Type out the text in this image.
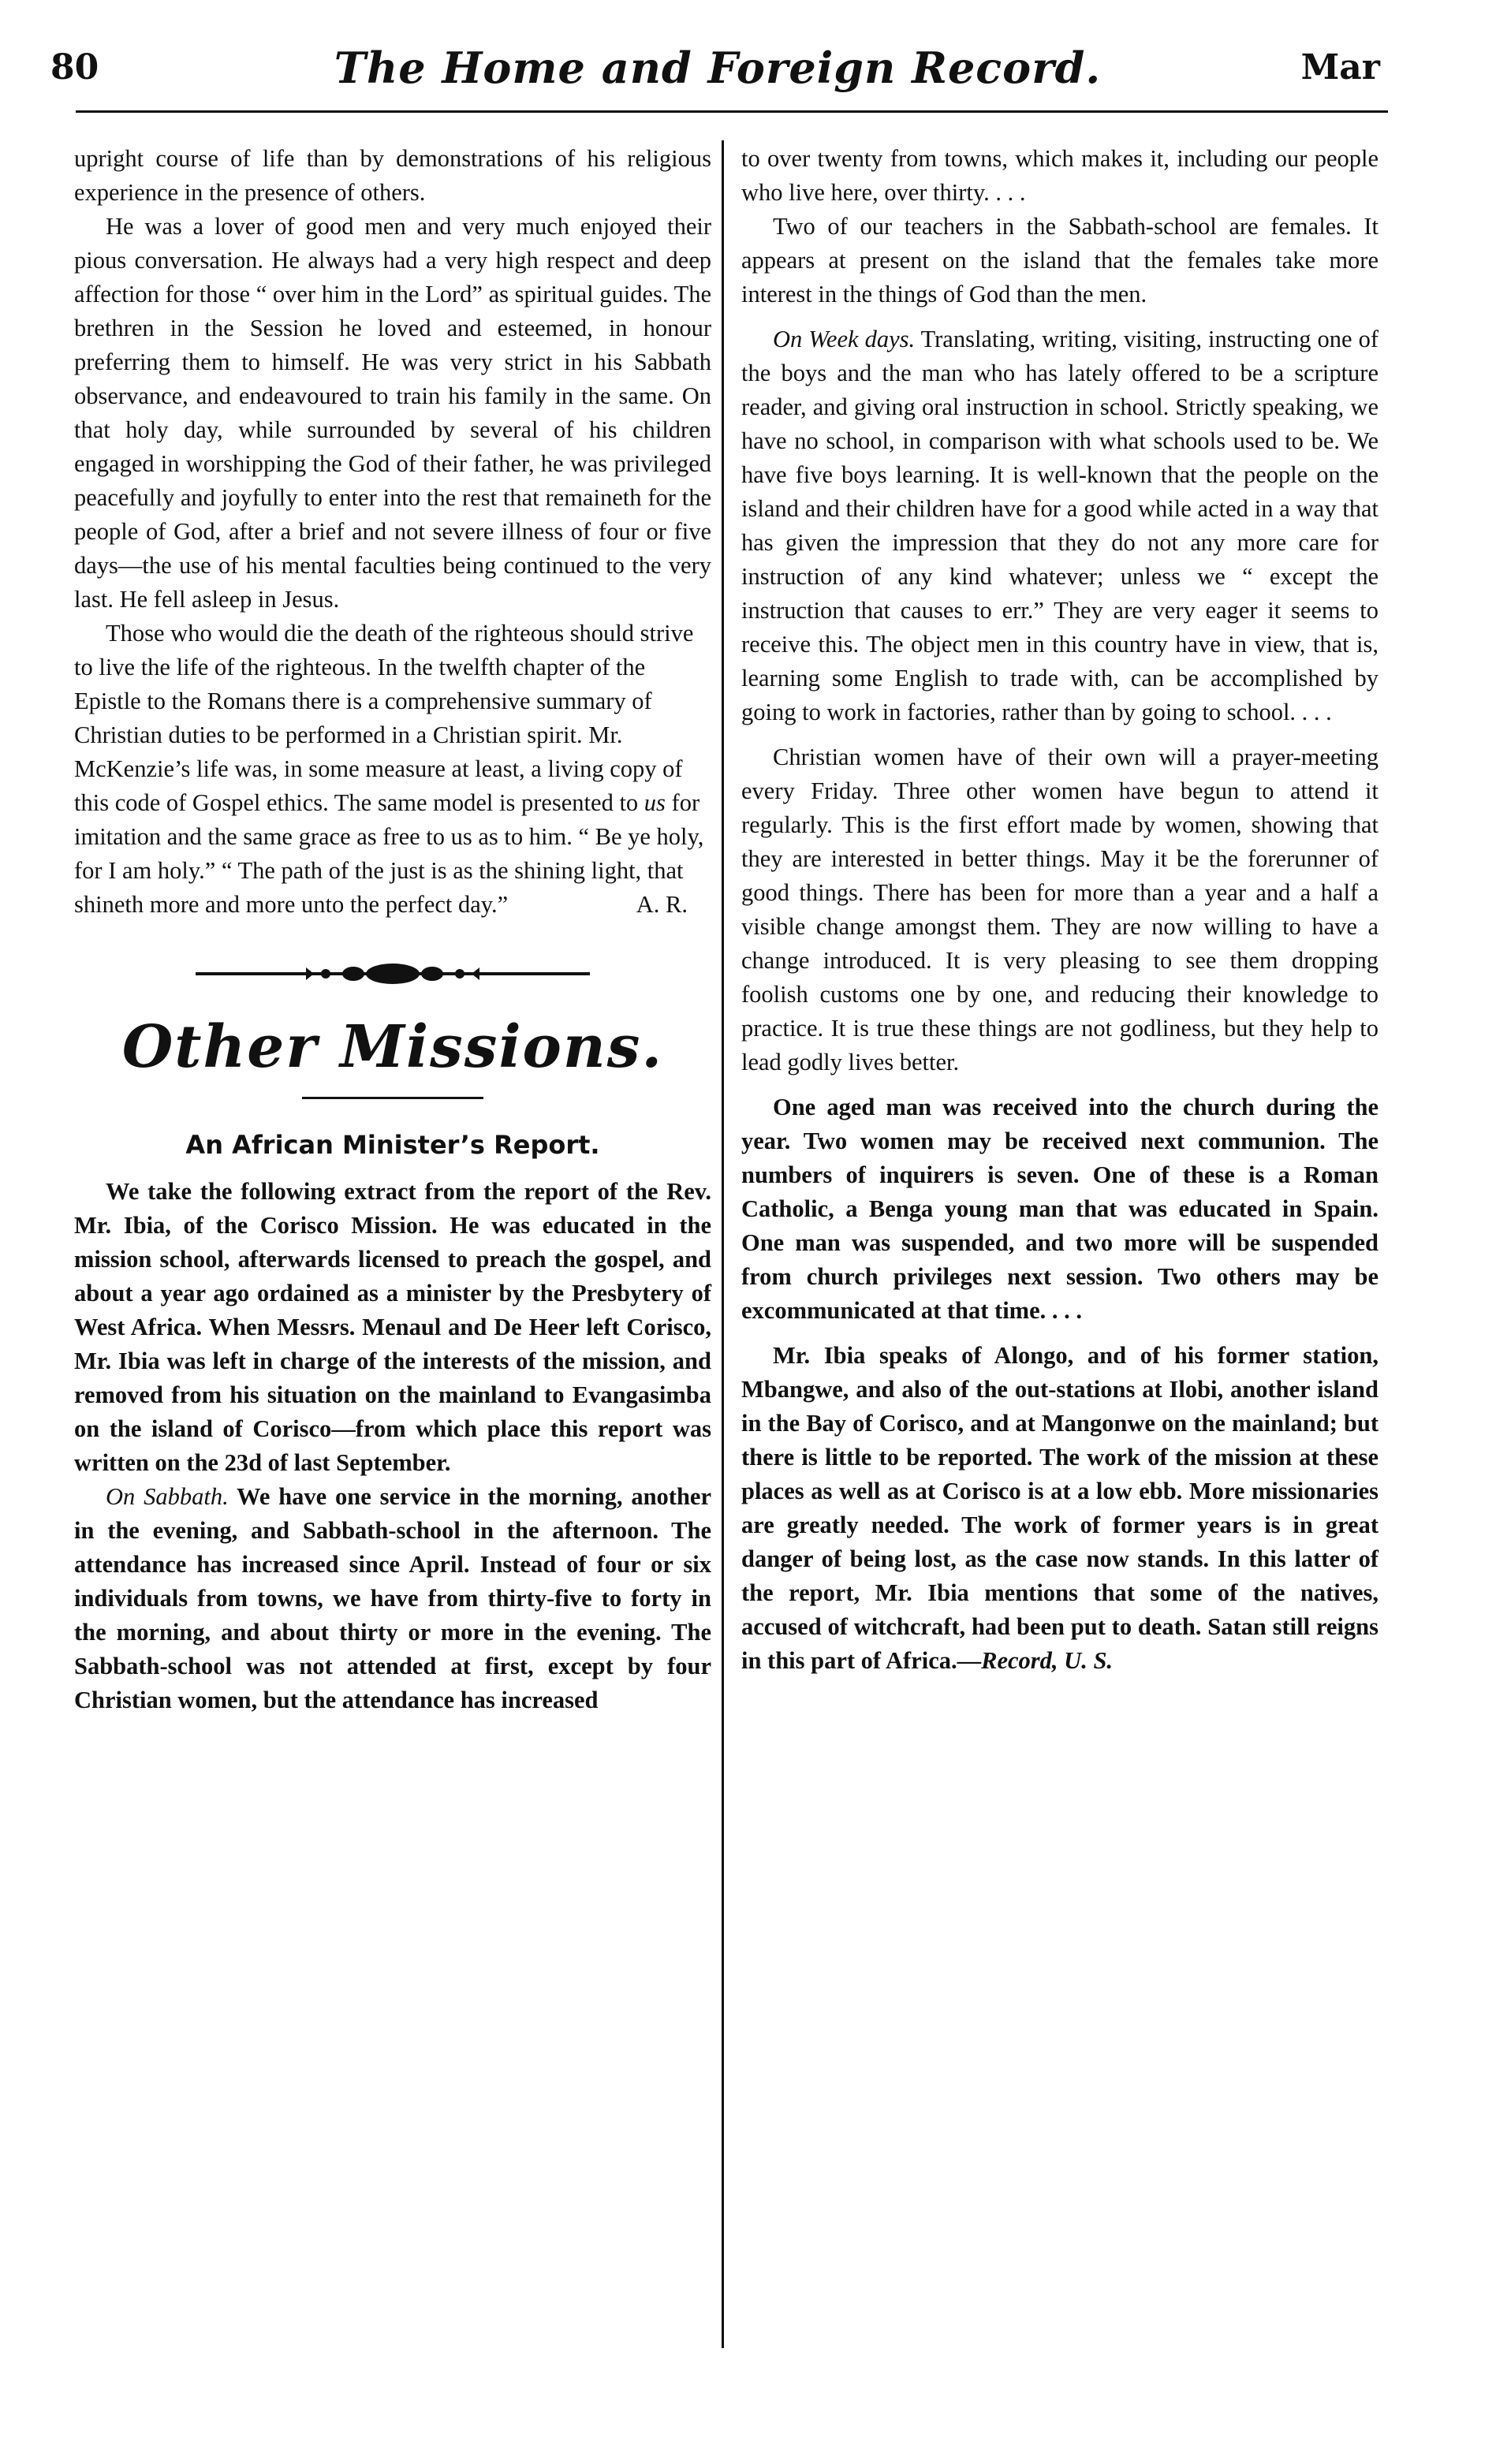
80	The Home and Foreign Record.	Mar

upright course of life than by demonstrations of his religious experience in the presence of others.

He was a lover of good men and very much enjoyed their pious conversation. He always had a very high respect and deep affection for those “ over him in the Lord” as spiritual guides. The brethren in the Session he loved and esteemed, in honour preferring them to himself. He was very strict in his Sabbath observance, and endeavoured to train his family in the same. On that holy day, while surrounded by several of his children engaged in worshipping the God of their father, he was privileged peacefully and joyfully to enter into the rest that remaineth for the people of God, after a brief and not severe illness of four or five days—the use of his mental faculties being continued to the very last. He fell asleep in Jesus.

Those who would die the death of the righteous should strive to live the life of the righteous. In the twelfth chapter of the Epistle to the Romans there is a comprehensive summary of Christian duties to be performed in a Christian spirit. Mr. McKenzie’s life was, in some measure at least, a living copy of this code of Gospel ethics. The same model is presented to us for imitation and the same grace as free to us as to him. “ Be ye holy, for I am holy.” “ The path of the just is as the shining light, that shineth more and more unto the perfect day.”	A. R.

Other Missions.
An African Minister’s Report.

We take the following extract from the report of the Rev. Mr. Ibia, of the Corisco Mission. He was educated in the mission school, afterwards licensed to preach the gospel, and about a year ago ordained as a minister by the Presbytery of West Africa. When Messrs. Menaul and De Heer left Corisco, Mr. Ibia was left in charge of the interests of the mission, and removed from his situation on the mainland to Evangasimba on the island of Corisco—from which place this report was written on the 23d of last September.

On Sabbath. We have one service in the morning, another in the evening, and Sabbath-school in the afternoon. The attendance has increased since April. Instead of four or six individuals from towns, we have from thirty-five to forty in the morning, and about thirty or more in the evening. The Sabbath-school was not attended at first, except by four Christian women, but the attendance has increased

to over twenty from towns, which makes it, including our people who live here, over thirty. . . .

Two of our teachers in the Sabbath-school are females. It appears at present on the island that the females take more interest in the things of God than the men.

On Week days. Translating, writing, visiting, instructing one of the boys and the man who has lately offered to be a scripture reader, and giving oral instruction in school. Strictly speaking, we have no school, in comparison with what schools used to be. We have five boys learning. It is well-known that the people on the island and their children have for a good while acted in a way that has given the impression that they do not any more care for instruction of any kind whatever; unless we “ except the instruction that causes to err.” They are very eager it seems to receive this. The object men in this country have in view, that is, learning some English to trade with, can be accomplished by going to work in factories, rather than by going to school. . . .

Christian women have of their own will a prayer-meeting every Friday. Three other women have begun to attend it regularly. This is the first effort made by women, showing that they are interested in better things. May it be the forerunner of good things. There has been for more than a year and a half a visible change amongst them. They are now willing to have a change introduced. It is very pleasing to see them dropping foolish customs one by one, and reducing their knowledge to practice. It is true these things are not godliness, but they help to lead godly lives better.

One aged man was received into the church during the year. Two women may be received next communion. The numbers of inquirers is seven. One of these is a Roman Catholic, a Benga young man that was educated in Spain. One man was suspended, and two more will be suspended from church privileges next session. Two others may be excommunicated at that time. . . .

Mr. Ibia speaks of Alongo, and of his former station, Mbangwe, and also of the out-stations at Ilobi, another island in the Bay of Corisco, and at Mangonwe on the mainland; but there is little to be reported. The work of the mission at these places as well as at Corisco is at a low ebb. More missionaries are greatly needed. The work of former years is in great danger of being lost, as the case now stands. In this latter of the report, Mr. Ibia mentions that some of the natives, accused of witchcraft, had been put to death. Satan still reigns in this part of Africa.—Record, U. S.
